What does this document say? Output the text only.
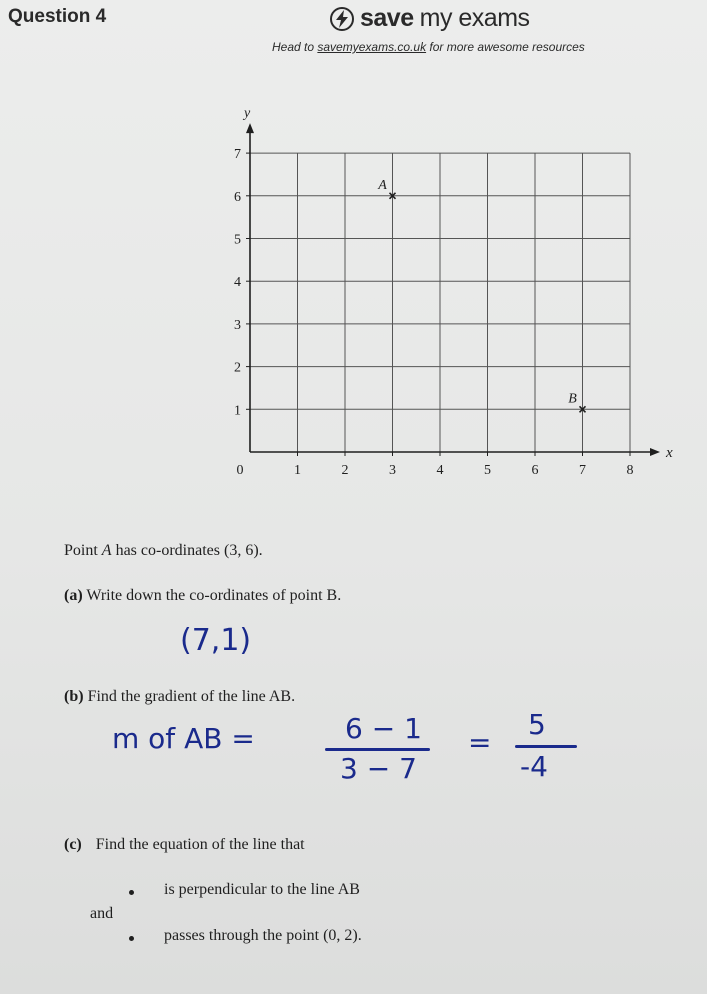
Question 4	save my exams
Head to savemyexams.co.uk for more awesome resources
x
y
0	1	2	3	4	5	6	7	8
1
2
3
4
5
6
7
A
B
Point A has co-ordinates (3, 6).
(a) Write down the co-ordinates of point B.
(7,1)
(b) Find the gradient of the line AB.
m of AB =	6 − 1
3 − 7
=
5
-4
(c) Find the equation of the line that
is perpendicular to the line AB
and
passes through the point (0, 2).
